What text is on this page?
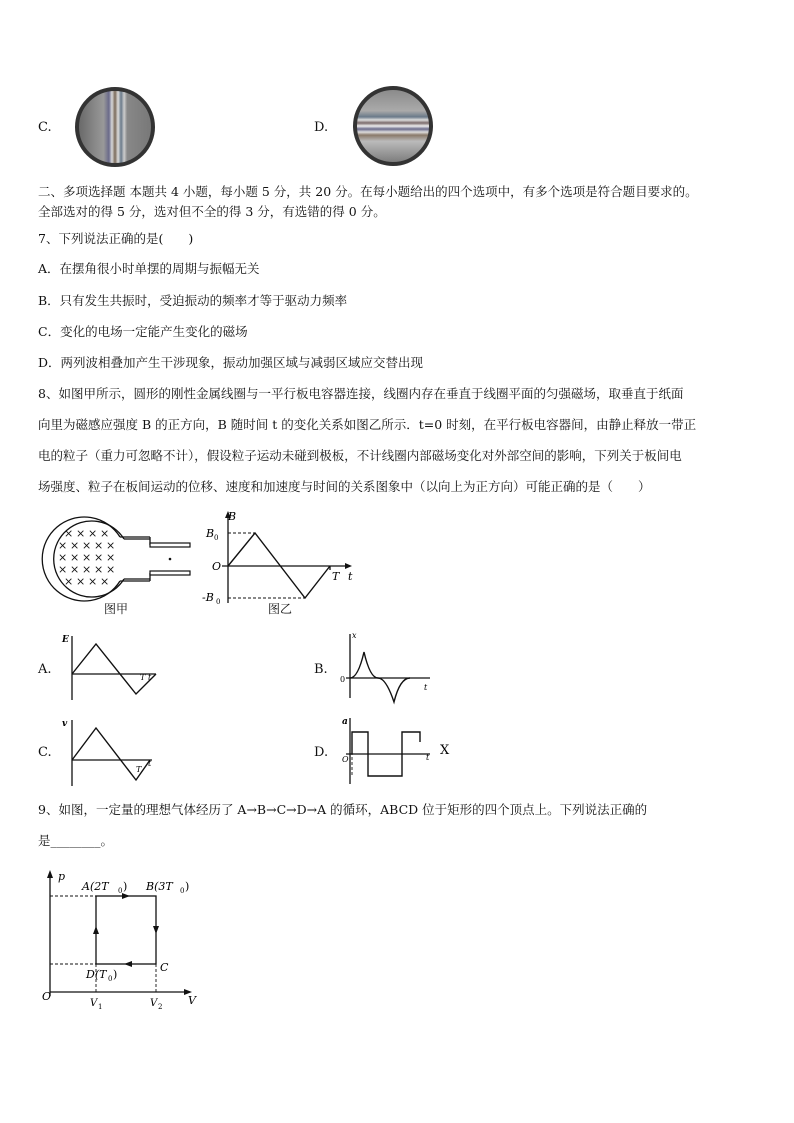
C.	D.
二、多项选择题 本题共 4 小题，每小题 5 分，共 20 分。在每小题给出的四个选项中，有多个选项是符合题目要求的。
全部选对的得 5 分，选对但不全的得 3 分，有选错的得 0 分。
7、下列说法正确的是(　　)
A．在摆角很小时单摆的周期与振幅无关
B．只有发生共振时，受迫振动的频率才等于驱动力频率
C．变化的电场一定能产生变化的磁场
D．两列波相叠加产生干涉现象，振动加强区域与减弱区域应交替出现
8、如图甲所示，圆形的刚性金属线圈与一平行板电容器连接，线圈内存在垂直于线圈平面的匀强磁场，取垂直于纸面
向里为磁感应强度 B 的正方向，B 随时间 t 的变化关系如图乙所示．t=0 时刻，在平行板电容器间，由静止释放一带正
电的粒子（重力可忽略不计），假设粒子运动未碰到极板，不计线圈内部磁场变化对外部空间的影响，下列关于板间电
场强度、粒子在板间运动的位移、速度和加速度与时间的关系图象中（以向上为正方向）可能正确的是（　　）
× × × ×
× × × × ×
× × × × ×
× × × × ×
× × × ×
图甲
B
B 0
O
-B 0
T t
图乙
A.
E
T t
B.
x
0
t
C.
v
T
t
D.
a
O	t X
9、如图，一定量的理想气体经历了 A→B→C→D→A 的循环，ABCD 位于矩形的四个顶点上。下列说法正确的
是________。
p
O	V
A(2T 0 ) B(3T 0 )
C
D(T 0 )
V 1	V 2
